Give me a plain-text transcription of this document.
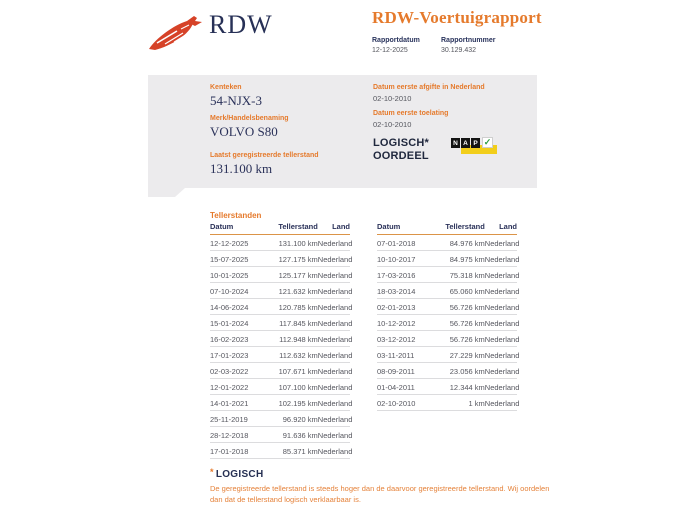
RDW	RDW-Voertuigrapport
Rapportdatum
12-12-2025
Rapportnummer
30.129.432
Kenteken
54-NJX-3
Merk/Handelsbenaming
VOLVO S80
Laatst geregistreerde tellerstand
131.100 km
Datum eerste afgifte in Nederland
02-10-2010
Datum eerste toelating
02-10-2010
LOGISCH*
OORDEEL
N A P ✓
Tellerstanden
Datum	Tellerstand	Land
12-12-2025	131.100 km Nederland
15-07-2025	127.175 km Nederland
10-01-2025	125.177 km Nederland
07-10-2024	121.632 km Nederland
14-06-2024	120.785 km Nederland
15-01-2024	117.845 km Nederland
16-02-2023	112.948 km Nederland
17-01-2023	112.632 km Nederland
02-03-2022	107.671 km Nederland
12-01-2022	107.100 km Nederland
14-01-2021	102.195 km Nederland
25-11-2019	96.920 km Nederland
28-12-2018	91.636 km Nederland
17-01-2018	85.371 km Nederland
Datum	Tellerstand	Land
07-01-2018	84.976 km Nederland
10-10-2017	84.975 km Nederland
17-03-2016	75.318 km Nederland
18-03-2014	65.060 km Nederland
02-01-2013	56.726 km Nederland
10-12-2012	56.726 km Nederland
03-12-2012	56.726 km Nederland
03-11-2011	27.229 km Nederland
08-09-2011	23.056 km Nederland
01-04-2011	12.344 km Nederland
02-10-2010	1 km Nederland
* LOGISCH
De geregistreerde tellerstand is steeds hoger dan de daarvoor geregistreerde tellerstand. Wij oordelen dan dat de tellerstand logisch verklaarbaar is.
